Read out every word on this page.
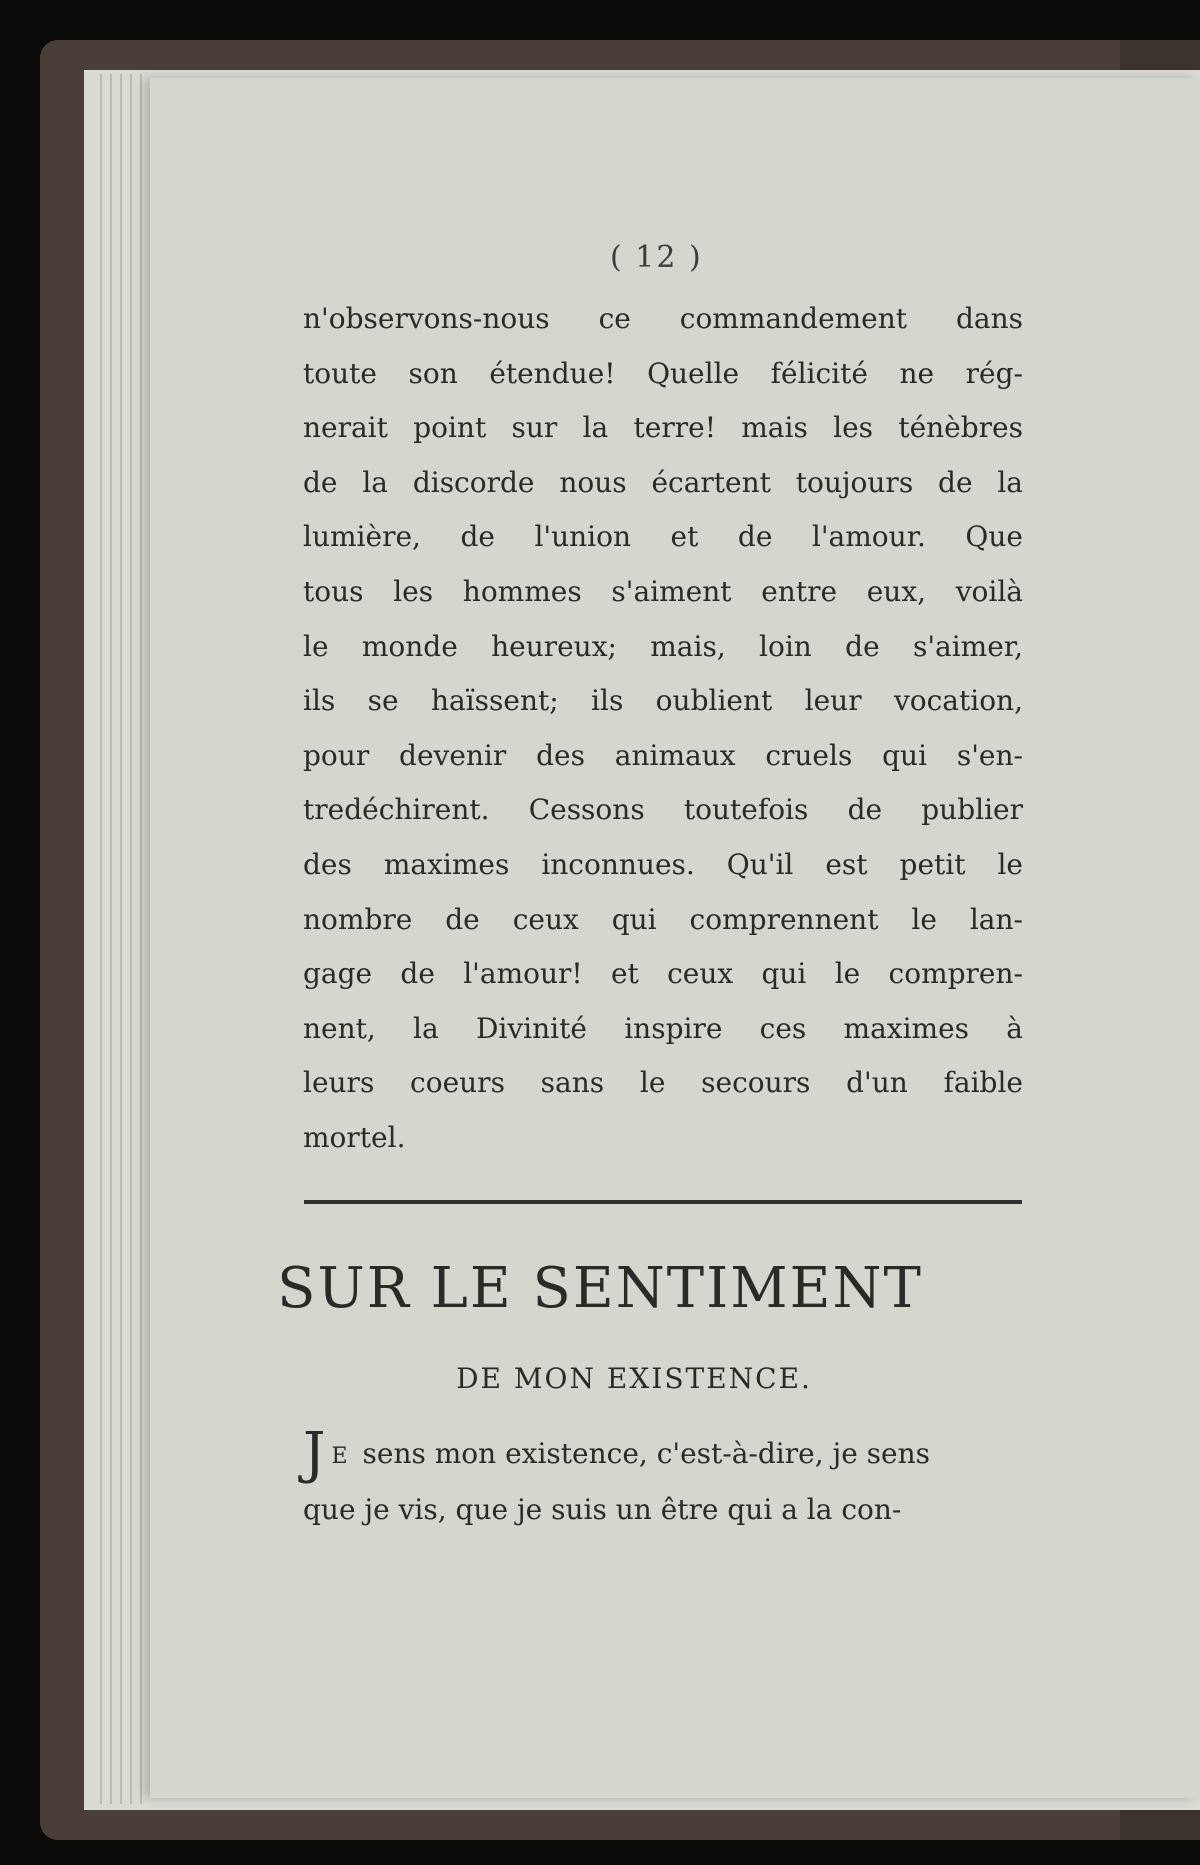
( 12 )
n'observons-nous ce commandement dans
toute son étendue! Quelle félicité ne rég-
nerait point sur la terre! mais les ténèbres
de la discorde nous écartent toujours de la
lumière, de l'union et de l'amour. Que
tous les hommes s'aiment entre eux, voilà
le monde heureux; mais, loin de s'aimer,
ils se haïssent; ils oublient leur vocation,
pour devenir des animaux cruels qui s'en-
tredéchirent. Cessons toutefois de publier
des maximes inconnues. Qu'il est petit le
nombre de ceux qui comprennent le lan-
gage de l'amour! et ceux qui le compren-
nent, la Divinité inspire ces maximes à
leurs coeurs sans le secours d'un faible
mortel.
SUR LE SENTIMENT
DE MON EXISTENCE.
J E sens mon existence, c'est-à-dire, je sens
que je vis, que je suis un être qui a la con-
